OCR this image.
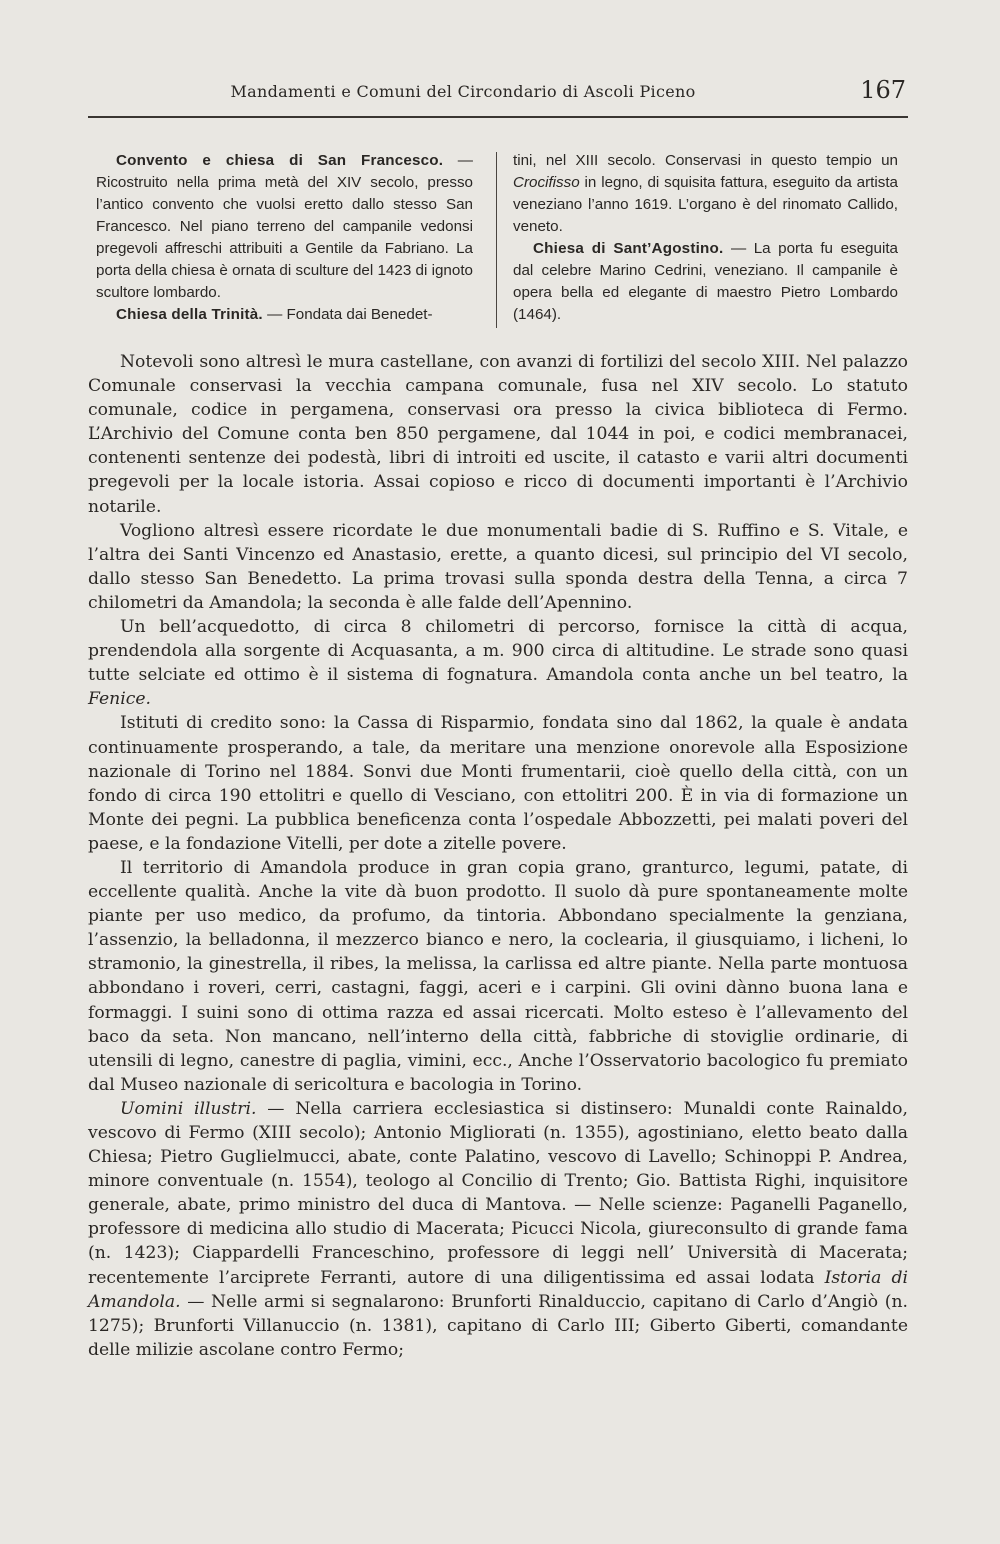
Mandamenti e Comuni del Circondario di Ascoli Piceno	167

Convento e chiesa di San Francesco. — Ricostruito nella prima metà del XIV secolo, presso l’antico convento che vuolsi eretto dallo stesso San Francesco. Nel piano terreno del campanile vedonsi pregevoli affreschi attribuiti a Gentile da Fabriano. La porta della chiesa è ornata di sculture del 1423 di ignoto scultore lombardo.

Chiesa della Trinità. — Fondata dai Benedet-

tini, nel XIII secolo. Conservasi in questo tempio un Crocifisso in legno, di squisita fattura, eseguito da artista veneziano l’anno 1619. L’organo è del rinomato Callido, veneto.

Chiesa di Sant’Agostino. — La porta fu eseguita dal celebre Marino Cedrini, veneziano. Il campanile è opera bella ed elegante di maestro Pietro Lombardo (1464).

Notevoli sono altresì le mura castellane, con avanzi di fortilizi del secolo XIII. Nel palazzo Comunale conservasi la vecchia campana comunale, fusa nel XIV secolo. Lo statuto comunale, codice in pergamena, conservasi ora presso la civica biblioteca di Fermo. L’Archivio del Comune conta ben 850 pergamene, dal 1044 in poi, e codici membranacei, contenenti sentenze dei podestà, libri di introiti ed uscite, il catasto e varii altri documenti pregevoli per la locale istoria. Assai copioso e ricco di documenti importanti è l’Archivio notarile.

Vogliono altresì essere ricordate le due monumentali badie di S. Ruffino e S. Vitale, e l’altra dei Santi Vincenzo ed Anastasio, erette, a quanto dicesi, sul principio del VI secolo, dallo stesso San Benedetto. La prima trovasi sulla sponda destra della Tenna, a circa 7 chilometri da Amandola; la seconda è alle falde dell’Apennino.

Un bell’acquedotto, di circa 8 chilometri di percorso, fornisce la città di acqua, prendendola alla sorgente di Acquasanta, a m. 900 circa di altitudine. Le strade sono quasi tutte selciate ed ottimo è il sistema di fognatura. Amandola conta anche un bel teatro, la Fenice.

Istituti di credito sono: la Cassa di Risparmio, fondata sino dal 1862, la quale è andata continuamente prosperando, a tale, da meritare una menzione onorevole alla Esposizione nazionale di Torino nel 1884. Sonvi due Monti frumentarii, cioè quello della città, con un fondo di circa 190 ettolitri e quello di Vesciano, con ettolitri 200. È in via di formazione un Monte dei pegni. La pubblica beneficenza conta l’ospedale Abbozzetti, pei malati poveri del paese, e la fondazione Vitelli, per dote a zitelle povere.

Il territorio di Amandola produce in gran copia grano, granturco, legumi, patate, di eccellente qualità. Anche la vite dà buon prodotto. Il suolo dà pure spontaneamente molte piante per uso medico, da profumo, da tintoria. Abbondano specialmente la genziana, l’assenzio, la belladonna, il mezzerco bianco e nero, la coclearia, il giusquiamo, i licheni, lo stramonio, la ginestrella, il ribes, la melissa, la carlissa ed altre piante. Nella parte montuosa abbondano i roveri, cerri, castagni, faggi, aceri e i carpini. Gli ovini dànno buona lana e formaggi. I suini sono di ottima razza ed assai ricercati. Molto esteso è l’allevamento del baco da seta. Non mancano, nell’interno della città, fabbriche di stoviglie ordinarie, di utensili di legno, canestre di paglia, vimini, ecc., Anche l’Osservatorio bacologico fu premiato dal Museo nazionale di sericoltura e bacologia in Torino.

Uomini illustri. — Nella carriera ecclesiastica si distinsero: Munaldi conte Rainaldo, vescovo di Fermo (XIII secolo); Antonio Migliorati (n. 1355), agostiniano, eletto beato dalla Chiesa; Pietro Guglielmucci, abate, conte Palatino, vescovo di Lavello; Schinoppi P. Andrea, minore conventuale (n. 1554), teologo al Concilio di Trento; Gio. Battista Righi, inquisitore generale, abate, primo ministro del duca di Mantova. — Nelle scienze: Paganelli Paganello, professore di medicina allo studio di Macerata; Picucci Nicola, giureconsulto di grande fama (n. 1423); Ciappardelli Franceschino, professore di leggi nell’ Università di Macerata; recentemente l’arciprete Ferranti, autore di una diligentissima ed assai lodata Istoria di Amandola. — Nelle armi si segnalarono: Brunforti Rinalduccio, capitano di Carlo d’Angiò (n. 1275); Brunforti Villanuccio (n. 1381), capitano di Carlo III; Giberto Giberti, comandante delle milizie ascolane contro Fermo;
